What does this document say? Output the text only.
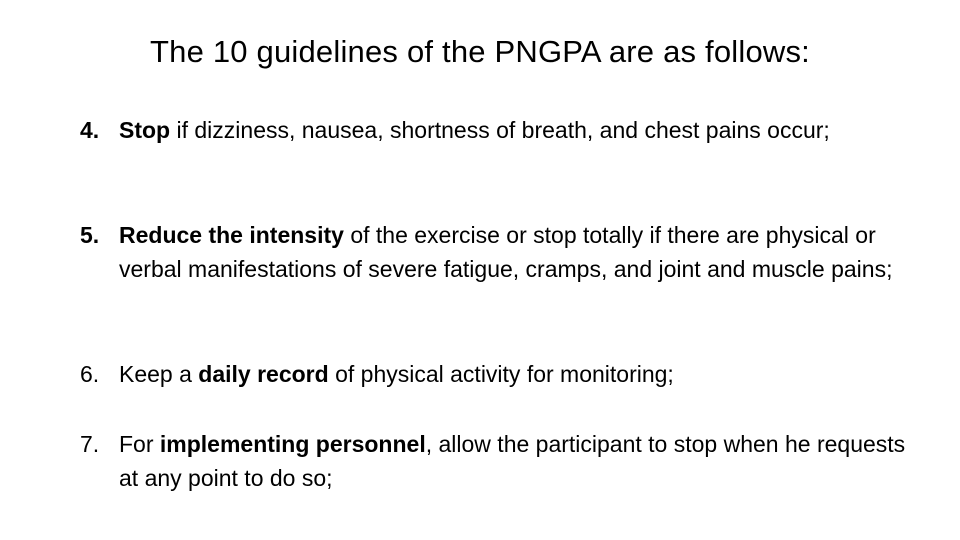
The 10 guidelines of the PNGPA are as follows:
4. Stop if dizziness, nausea, shortness of breath, and chest pains occur;
5. Reduce the intensity of the exercise or stop totally if there are physical or verbal manifestations of severe fatigue, cramps, and joint and muscle pains;
6. Keep a daily record of physical activity for monitoring;
7. For implementing personnel, allow the participant to stop when he requests at any point to do so;
